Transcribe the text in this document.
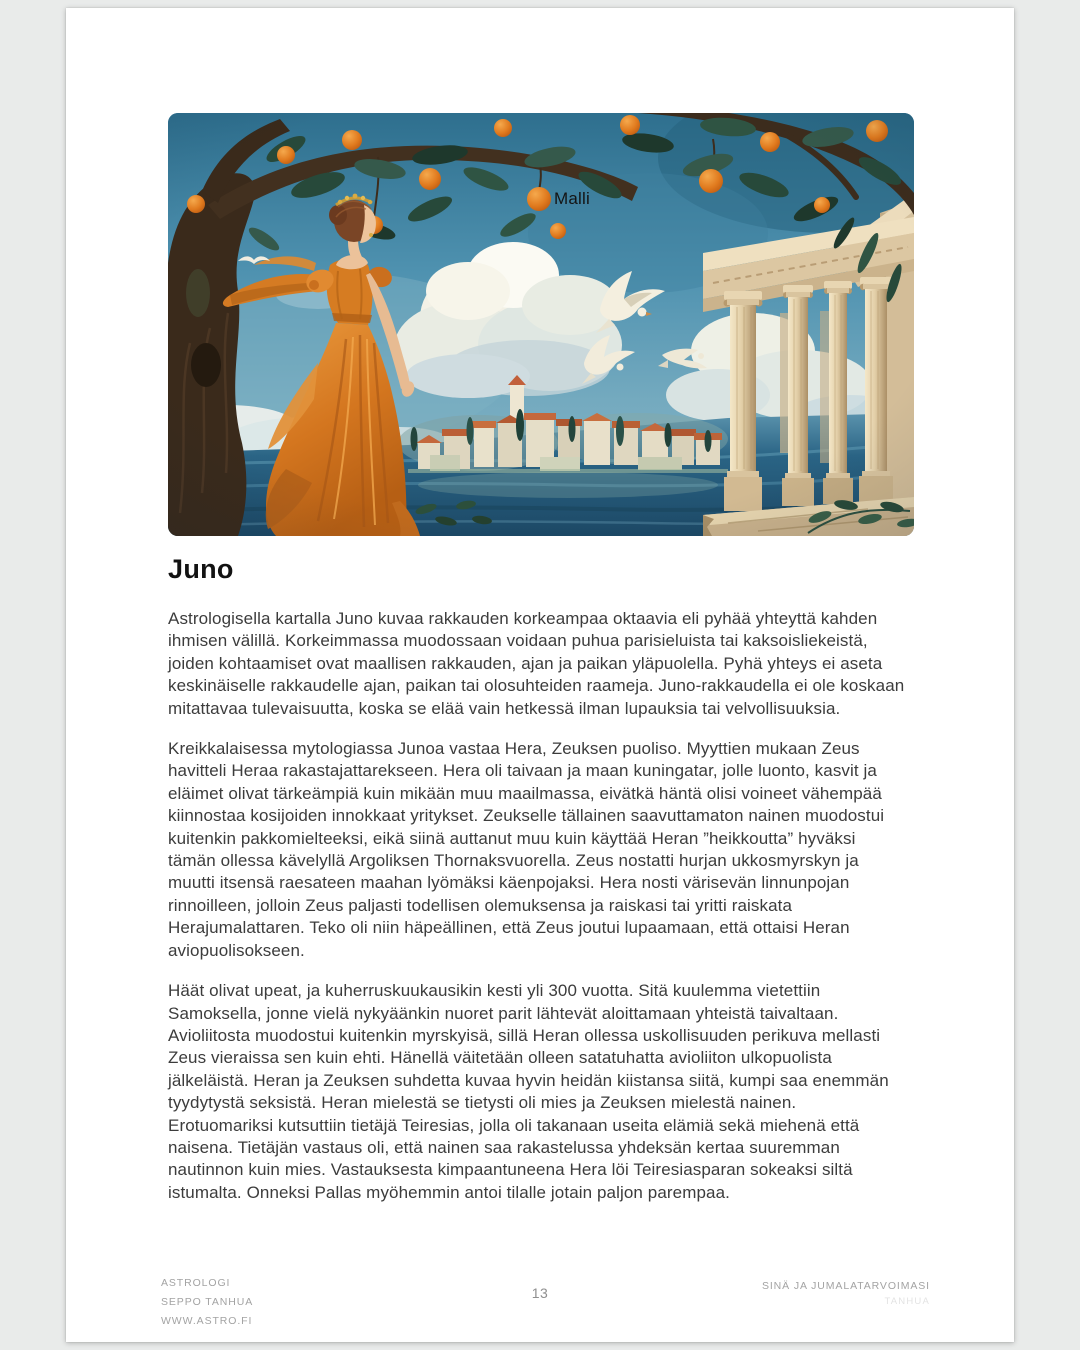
Malli
Juno

Astrologisella kartalla Juno kuvaa rakkauden korkeampaa oktaavia eli pyhää yhteyttä kahden ihmisen välillä. Korkeimmassa muodossaan voidaan puhua parisieluista tai kaksoisliekeistä, joiden kohtaamiset ovat maallisen rakkauden, ajan ja paikan yläpuolella. Pyhä yhteys ei aseta keskinäiselle rakkaudelle ajan, paikan tai olosuhteiden raameja. Juno-rakkaudella ei ole koskaan mitattavaa tulevaisuutta, koska se elää vain hetkessä ilman lupauksia tai velvollisuuksia.

Kreikkalaisessa mytologiassa Junoa vastaa Hera, Zeuksen puoliso. Myyttien mukaan Zeus havitteli Heraa rakastajattarekseen. Hera oli taivaan ja maan kuningatar, jolle luonto, kasvit ja eläimet olivat tärkeämpiä kuin mikään muu maailmassa, eivätkä häntä olisi voineet vähempää kiinnostaa kosijoiden innokkaat yritykset. Zeukselle tällainen saavuttamaton nainen muodostui kuitenkin pakkomielteeksi, eikä siinä auttanut muu kuin käyttää Heran ”heikkoutta” hyväksi tämän ollessa kävelyllä Argoliksen Thornaksvuorella. Zeus nostatti hurjan ukkosmyrskyn ja muutti itsensä raesateen maahan lyömäksi käenpojaksi. Hera nosti värisevän linnunpojan rinnoilleen, jolloin Zeus paljasti todellisen olemuksensa ja raiskasi tai yritti raiskata Herajumalattaren. Teko oli niin häpeällinen, että Zeus joutui lupaamaan, että ottaisi Heran aviopuolisokseen.

Häät olivat upeat, ja kuherruskuukausikin kesti yli 300 vuotta. Sitä kuulemma vietettiin Samoksella, jonne vielä nykyäänkin nuoret parit lähtevät aloittamaan yhteistä taivaltaan. Avioliitosta muodostui kuitenkin myrskyisä, sillä Heran ollessa uskollisuuden perikuva mellasti Zeus vieraissa sen kuin ehti. Hänellä väitetään olleen satatuhatta avioliiton ulkopuolista jälkeläistä. Heran ja Zeuksen suhdetta kuvaa hyvin heidän kiistansa siitä, kumpi saa enemmän tyydytystä seksistä. Heran mielestä se tietysti oli mies ja Zeuksen mielestä nainen. Erotuomariksi kutsuttiin tietäjä Teiresias, jolla oli takanaan useita elämiä sekä miehenä että naisena. Tietäjän vastaus oli, että nainen saa rakastelussa yhdeksän kertaa suuremman nautinnon kuin mies. Vastauksesta kimpaantuneena Hera löi Teiresiasparan sokeaksi siltä istumalta. Onneksi Pallas myöhemmin antoi tilalle jotain paljon parempaa.

ASTROLOGI
SEPPO TANHUA
WWW.ASTRO.FI
13	SINÄ JA JUMALATARVOIMASI
TANHUA
